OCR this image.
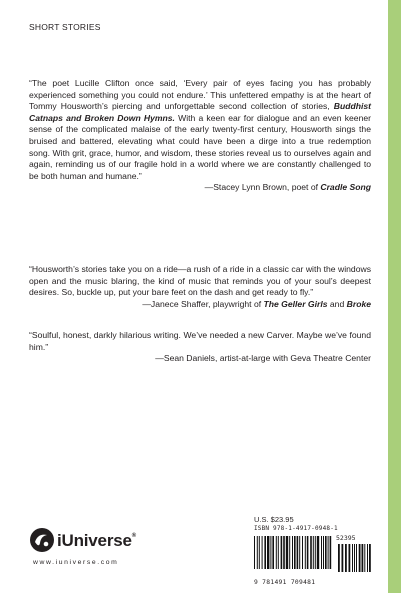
SHORT STORIES

“The poet Lucille Clifton once said, ‘Every pair of eyes facing you has probably experienced something you could not endure.’ This unfettered empathy is at the heart of Tommy Housworth’s piercing and unforgettable second collection of stories, Buddhist Catnaps and Broken Down Hymns. With a keen ear for dialogue and an even keener sense of the complicated malaise of the early twenty-first century, Housworth sings the bruised and battered, elevating what could have been a dirge into a true redemption song. With grit, grace, humor, and wisdom, these stories reveal us to ourselves again and again, reminding us of our fragile hold in a world where we are constantly challenged to be both human and humane.”

—Stacey Lynn Brown, poet of Cradle Song

“Housworth’s stories take you on a ride—a rush of a ride in a classic car with the windows open and the music blaring, the kind of music that reminds you of your soul’s deepest desires. So, buckle up, put your bare feet on the dash and get ready to fly.”

—Janece Shaffer, playwright of The Geller Girls and Broke

“Soulful, honest, darkly hilarious writing. We’ve needed a new Carver. Maybe we’ve found him.”

—Sean Daniels, artist-at-large with Geva Theatre Center

iUniverse®
www.iuniverse.com
U.S. $23.95
ISBN 978-1-4917-0948-1
52395
9 781491 709481
